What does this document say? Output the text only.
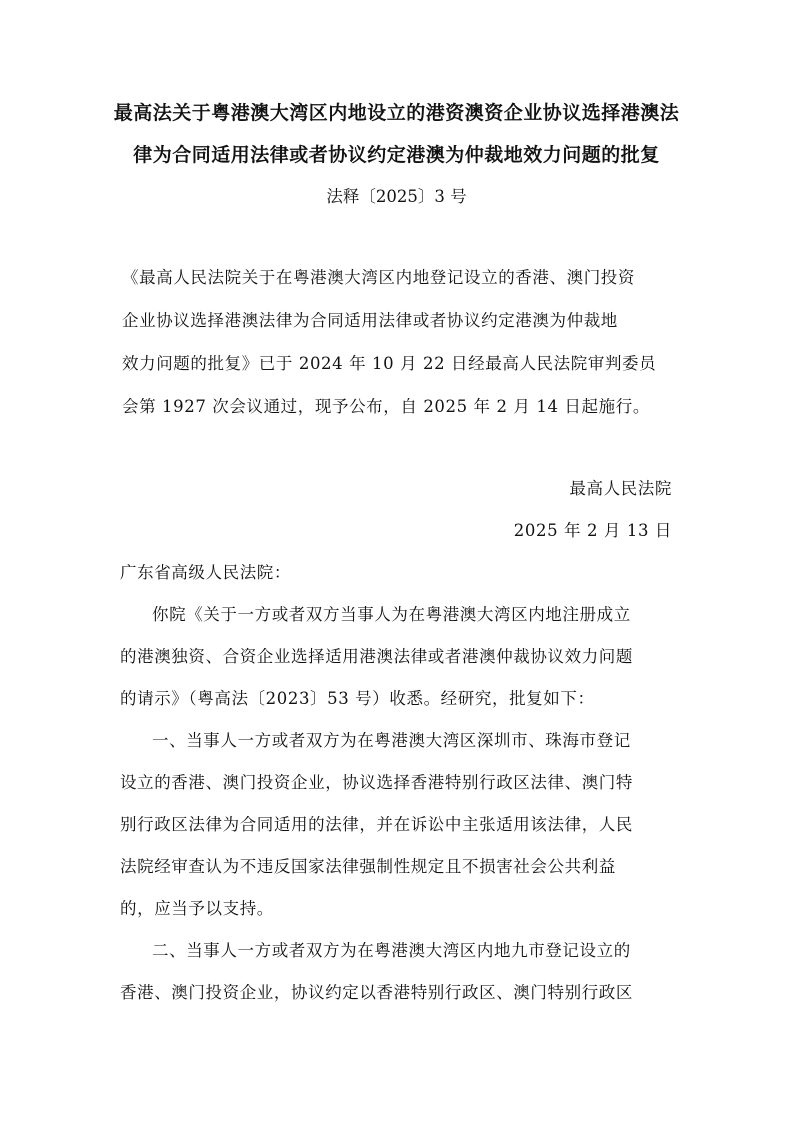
最高法关于粤港澳大湾区内地设立的港资澳资企业协议选择港澳法
律为合同适用法律或者协议约定港澳为仲裁地效力问题的批复
法释〔2025〕3 号
《最高人民法院关于在粤港澳大湾区内地登记设立的香港、澳门投资
企业协议选择港澳法律为合同适用法律或者协议约定港澳为仲裁地
效力问题的批复》已于 2024 年 10 月 22 日经最高人民法院审判委员
会第 1927 次会议通过，现予公布，自 2025 年 2 月 14 日起施行。
最高人民法院
2025 年 2 月 13 日
广东省高级人民法院：
你院《关于一方或者双方当事人为在粤港澳大湾区内地注册成立
的港澳独资、合资企业选择适用港澳法律或者港澳仲裁协议效力问题
的请示》（粤高法〔2023〕53 号）收悉。经研究，批复如下：
一、当事人一方或者双方为在粤港澳大湾区深圳市、珠海市登记
设立的香港、澳门投资企业，协议选择香港特别行政区法律、澳门特
别行政区法律为合同适用的法律，并在诉讼中主张适用该法律，人民
法院经审查认为不违反国家法律强制性规定且不损害社会公共利益
的，应当予以支持。
二、当事人一方或者双方为在粤港澳大湾区内地九市登记设立的
香港、澳门投资企业，协议约定以香港特别行政区、澳门特别行政区
